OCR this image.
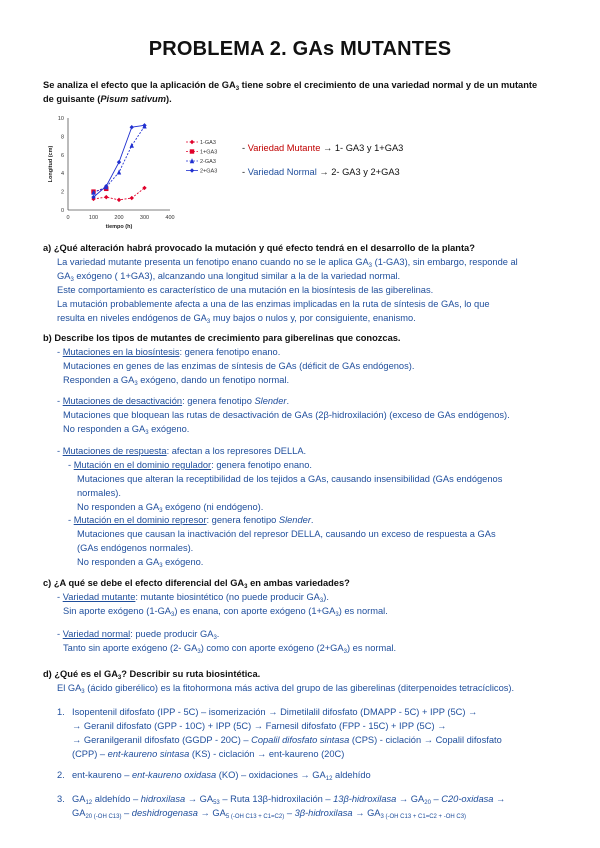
PROBLEMA 2. GAs MUTANTES
Se analiza el efecto que la aplicación de $GA_3$ tiene sobre el crecimiento de una variedad normal y de un mutante
de guisante (Pisum sativum).
0	100	200	300	400
0
2
4
6
8
10
tiempo (h)
Longitud (cm)
1-GA3
1+GA3
2-GA3
2+GA3
- Variedad Mutante → 1- GA3 y 1+GA3
- Variedad Normal → 2- GA3 y 2+GA3
a) ¿Qué alteración habrá provocado la mutación y qué efecto tendrá en el desarrollo de la planta?
La variedad mutante presenta un fenotipo enano cuando no se le aplica $GA_3$ (1-GA3), sin embargo, responde al
$GA_3$ exógeno ( 1+GA3), alcanzando una longitud similar a la de la variedad normal.
Este comportamiento es característico de una mutación en la biosíntesis de las giberelinas.
La mutación probablemente afecta a una de las enzimas implicadas en la ruta de síntesis de GAs, lo que
resulta en niveles endógenos de $GA_3$ muy bajos o nulos y, por consiguiente, enanismo.
b) Describe los tipos de mutantes de crecimiento para giberelinas que conozcas.
- Mutaciones en la biosíntesis: genera fenotipo enano.
Mutaciones en genes de las enzimas de síntesis de GAs (déficit de GAs endógenos).
Responden a $GA_3$ exógeno, dando un fenotipo normal.
- Mutaciones de desactivación: genera fenotipo Slender.
Mutaciones que bloquean las rutas de desactivación de GAs (2β-hidroxilación) (exceso de GAs endógenos).
No responden a $GA_3$ exógeno.
- Mutaciones de respuesta: afectan a los represores DELLA.
- Mutación en el dominio regulador: genera fenotipo enano.
Mutaciones que alteran la receptibilidad de los tejidos a GAs, causando insensibilidad (GAs endógenos
normales).
No responden a $GA_3$ exógeno (ni endógeno).
- Mutación en el dominio represor: genera fenotipo Slender.
Mutaciones que causan la inactivación del represor DELLA, causando un exceso de respuesta a GAs
(GAs endógenos normales).
No responden a $GA_3$ exógeno.
c) ¿A qué se debe el efecto diferencial del $GA_3$ en ambas variedades?
- Variedad mutante: mutante biosintético (no puede producir $GA_3$).
Sin aporte exógeno $(1-GA_3)$ es enana, con aporte exógeno $(1+GA_3)$ es normal.
- Variedad normal: puede producir $GA_3$.
Tanto sin aporte exógeno (2- $GA_3$) como con aporte exógeno $(2+GA_3)$ es normal.
d) ¿Qué es el $GA_3$? Describir su ruta biosintética.
El $GA_3$ (ácido giberélico) es la fitohormona más activa del grupo de las giberelinas (diterpenoides tetracíclicos).
1. Isopentenil difosfato (IPP - 5C) – isomerización → Dimetilalil difosfato (DMAPP - 5C) + IPP (5C) →
→ Geranil difosfato (GPP - 10C) + IPP (5C) → Farnesil difosfato (FPP - 15C) + IPP (5C) →
→ Geranilgeranil difosfato (GGDP - 20C) – Copalil difosfato sintasa (CPS) - ciclación → Copalil difosfato
(CPP) – ent-kaureno sintasa (KS) - ciclación → ent-kaureno (20C)
2. ent-kaureno – ent-kaureno oxidasa (KO) – oxidaciones → $GA_{12}$ aldehído
3. $GA_{12}$ aldehído – hidroxilasa → $GA_{53}$ – Ruta 13β-hidroxilación – 13β-hidroxilasa → $GA_{20}$ – C20-oxidasa →
$GA_{20 (-OH C13)}$ – deshidrogenasa → $GA_{5 (-OH C13 + C1=C2)}$ – 3β-hidroxilasa → $GA_{3 (-OH C13 + C1=C2 + -OH C3)}$
